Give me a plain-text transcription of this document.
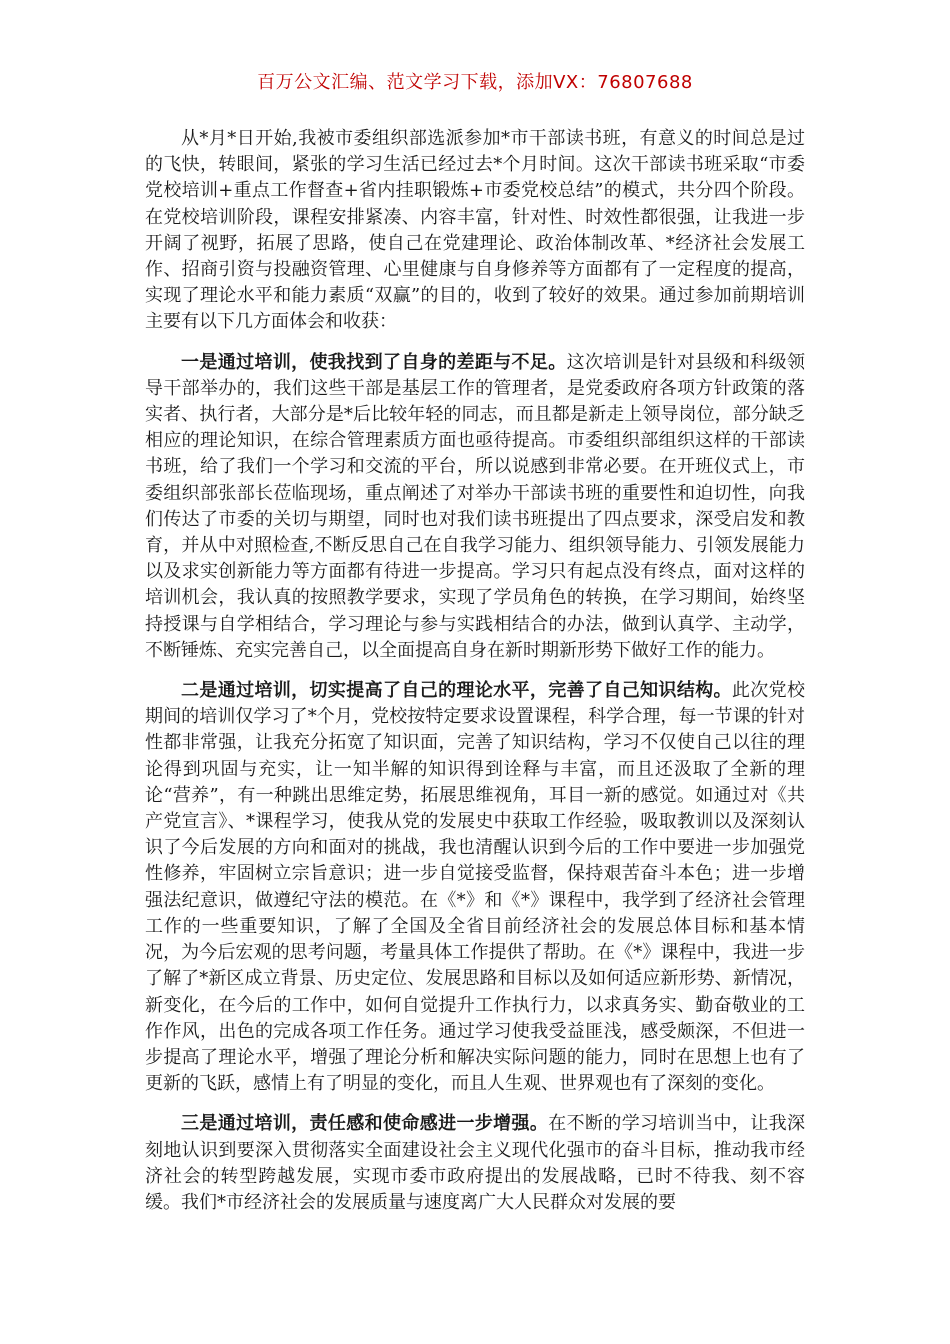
百万公文汇编、范文学习下载，添加VX：76807688

从*月*日开始,我被市委组织部选派参加*市干部读书班，有意义的时间总是过的飞快，转眼间，紧张的学习生活已经过去*个月时间。这次干部读书班采取“市委党校培训+重点工作督查+省内挂职锻炼+市委党校总结”的模式，共分四个阶段。在党校培训阶段，课程安排紧凑、内容丰富，针对性、时效性都很强，让我进一步开阔了视野，拓展了思路，使自己在党建理论、政治体制改革、*经济社会发展工作、招商引资与投融资管理、心里健康与自身修养等方面都有了一定程度的提高，实现了理论水平和能力素质“双赢”的目的，收到了较好的效果。通过参加前期培训主要有以下几方面体会和收获：

一是通过培训，使我找到了自身的差距与不足。这次培训是针对县级和科级领导干部举办的，我们这些干部是基层工作的管理者，是党委政府各项方针政策的落实者、执行者，大部分是*后比较年轻的同志，而且都是新走上领导岗位，部分缺乏相应的理论知识，在综合管理素质方面也亟待提高。市委组织部组织这样的干部读书班，给了我们一个学习和交流的平台，所以说感到非常必要。在开班仪式上，市委组织部张部长莅临现场，重点阐述了对举办干部读书班的重要性和迫切性，向我们传达了市委的关切与期望，同时也对我们读书班提出了四点要求，深受启发和教育，并从中对照检查,不断反思自己在自我学习能力、组织领导能力、引领发展能力以及求实创新能力等方面都有待进一步提高。学习只有起点没有终点，面对这样的培训机会，我认真的按照教学要求，实现了学员角色的转换，在学习期间，始终坚持授课与自学相结合，学习理论与参与实践相结合的办法，做到认真学、主动学，不断锤炼、充实完善自己，以全面提高自身在新时期新形势下做好工作的能力。

二是通过培训，切实提高了自己的理论水平，完善了自己知识结构。此次党校期间的培训仅学习了*个月，党校按特定要求设置课程，科学合理，每一节课的针对性都非常强，让我充分拓宽了知识面，完善了知识结构，学习不仅使自己以往的理论得到巩固与充实，让一知半解的知识得到诠释与丰富，而且还汲取了全新的理论“营养”，有一种跳出思维定势，拓展思维视角，耳目一新的感觉。如通过对《共产党宣言》、*课程学习，使我从党的发展史中获取工作经验，吸取教训以及深刻认识了今后发展的方向和面对的挑战，我也清醒认识到今后的工作中要进一步加强党性修养，牢固树立宗旨意识；进一步自觉接受监督，保持艰苦奋斗本色；进一步增强法纪意识，做遵纪守法的模范。在《*》和《*》课程中，我学到了经济社会管理工作的一些重要知识，了解了全国及全省目前经济社会的发展总体目标和基本情况，为今后宏观的思考问题，考量具体工作提供了帮助。在《*》课程中，我进一步了解了*新区成立背景、历史定位、发展思路和目标以及如何适应新形势、新情况，新变化，在今后的工作中，如何自觉提升工作执行力，以求真务实、勤奋敬业的工作作风，出色的完成各项工作任务。通过学习使我受益匪浅，感受颇深，不但进一步提高了理论水平，增强了理论分析和解决实际问题的能力，同时在思想上也有了更新的飞跃，感情上有了明显的变化，而且人生观、世界观也有了深刻的变化。

三是通过培训，责任感和使命感进一步增强。在不断的学习培训当中，让我深刻地认识到要深入贯彻落实全面建设社会主义现代化强市的奋斗目标，推动我市经济社会的转型跨越发展，实现市委市政府提出的发展战略，已时不待我、刻不容缓。我们*市经济社会的发展质量与速度离广大人民群众对发展的要
